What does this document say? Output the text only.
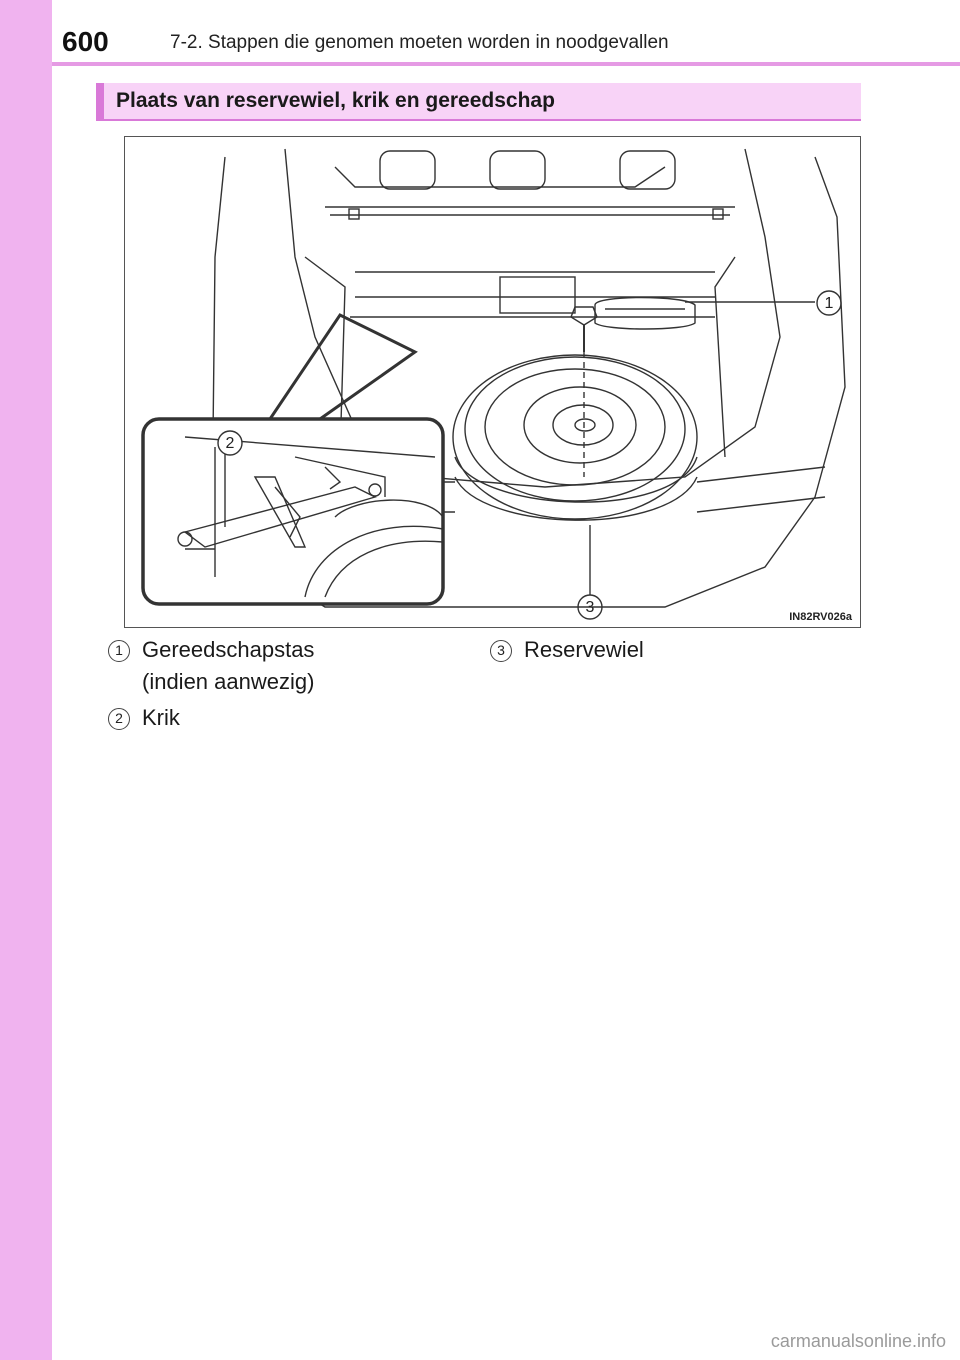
600	7-2. Stappen die genomen moeten worden in noodgevallen
Plaats van reservewiel, krik en gereedschap
1
2
3
IN82RV026a
1 Gereedschapstas
(indien aanwezig)
2 Krik
3 Reservewiel
carmanualsonline.info
